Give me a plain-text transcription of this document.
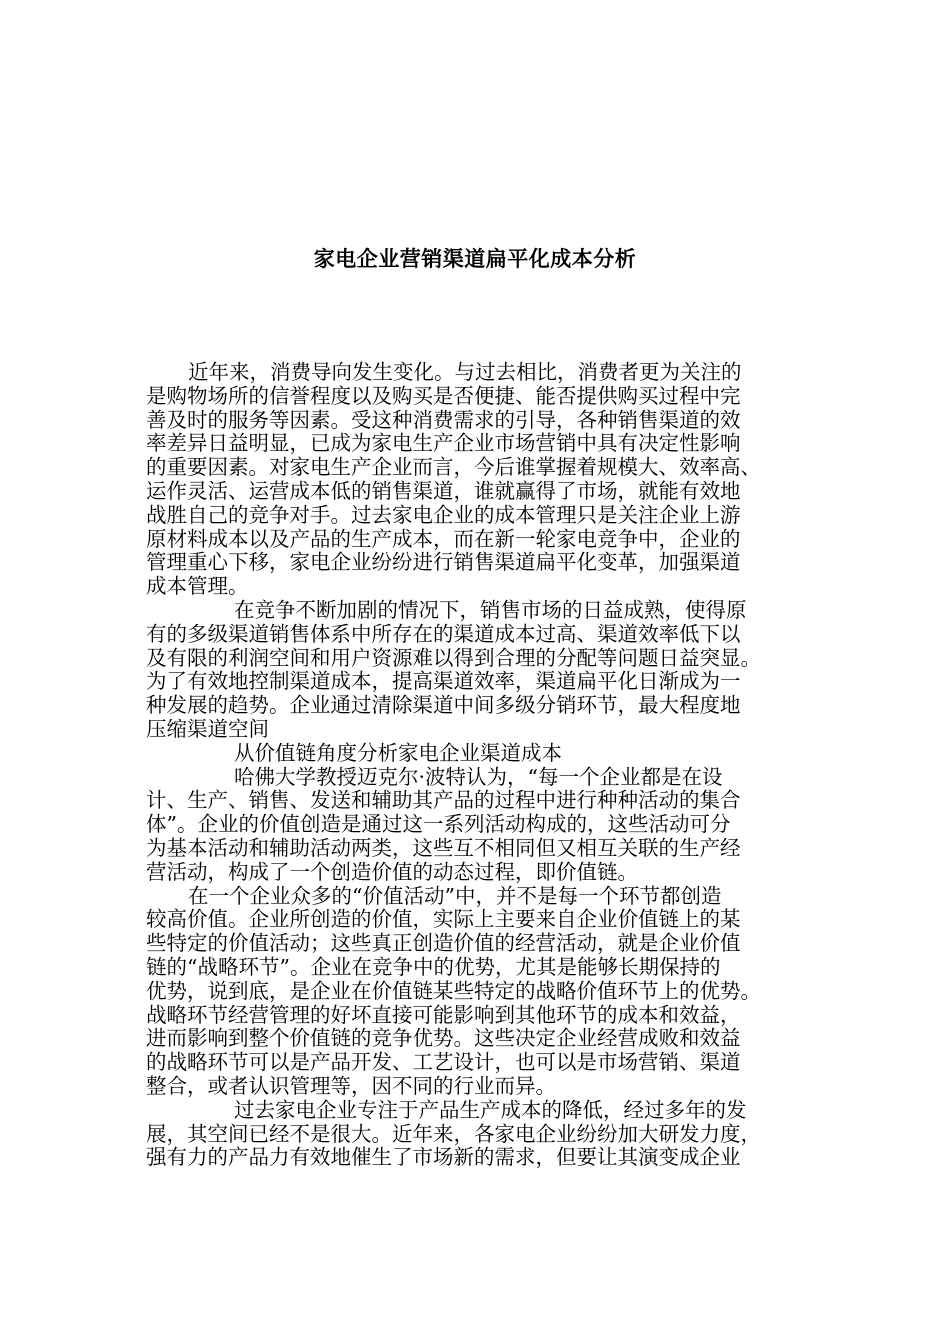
家电企业营销渠道扁平化成本分析
近年来，消费导向发生变化。与过去相比，消费者更为关注的
是购物场所的信誉程度以及购买是否便捷、能否提供购买过程中完
善及时的服务等因素。受这种消费需求的引导，各种销售渠道的效
率差异日益明显，已成为家电生产企业市场营销中具有决定性影响
的重要因素。对家电生产企业而言，今后谁掌握着规模大、效率高、
运作灵活、运营成本低的销售渠道，谁就赢得了市场，就能有效地
战胜自己的竞争对手。过去家电企业的成本管理只是关注企业上游
原材料成本以及产品的生产成本，而在新一轮家电竞争中，企业的
管理重心下移，家电企业纷纷进行销售渠道扁平化变革，加强渠道
成本管理。
在竞争不断加剧的情况下，销售市场的日益成熟，使得原
有的多级渠道销售体系中所存在的渠道成本过高、渠道效率低下以
及有限的利润空间和用户资源难以得到合理的分配等问题日益突显。
为了有效地控制渠道成本，提高渠道效率，渠道扁平化日渐成为一
种发展的趋势。企业通过清除渠道中间多级分销环节，最大程度地
压缩渠道空间
从价值链角度分析家电企业渠道成本
哈佛大学教授迈克尔·波特认为，“每一个企业都是在设
计、生产、销售、发送和辅助其产品的过程中进行种种活动的集合
体”。企业的价值创造是通过这一系列活动构成的，这些活动可分
为基本活动和辅助活动两类，这些互不相同但又相互关联的生产经
营活动，构成了一个创造价值的动态过程，即价值链。
在一个企业众多的“价值活动”中，并不是每一个环节都创造
较高价值。企业所创造的价值，实际上主要来自企业价值链上的某
些特定的价值活动；这些真正创造价值的经营活动，就是企业价值
链的“战略环节”。企业在竞争中的优势，尤其是能够长期保持的
优势，说到底，是企业在价值链某些特定的战略价值环节上的优势。
战略环节经营管理的好坏直接可能影响到其他环节的成本和效益，
进而影响到整个价值链的竞争优势。这些决定企业经营成败和效益
的战略环节可以是产品开发、工艺设计，也可以是市场营销、渠道
整合，或者认识管理等，因不同的行业而异。
过去家电企业专注于产品生产成本的降低，经过多年的发
展，其空间已经不是很大。近年来，各家电企业纷纷加大研发力度，
强有力的产品力有效地催生了市场新的需求，但要让其演变成企业
